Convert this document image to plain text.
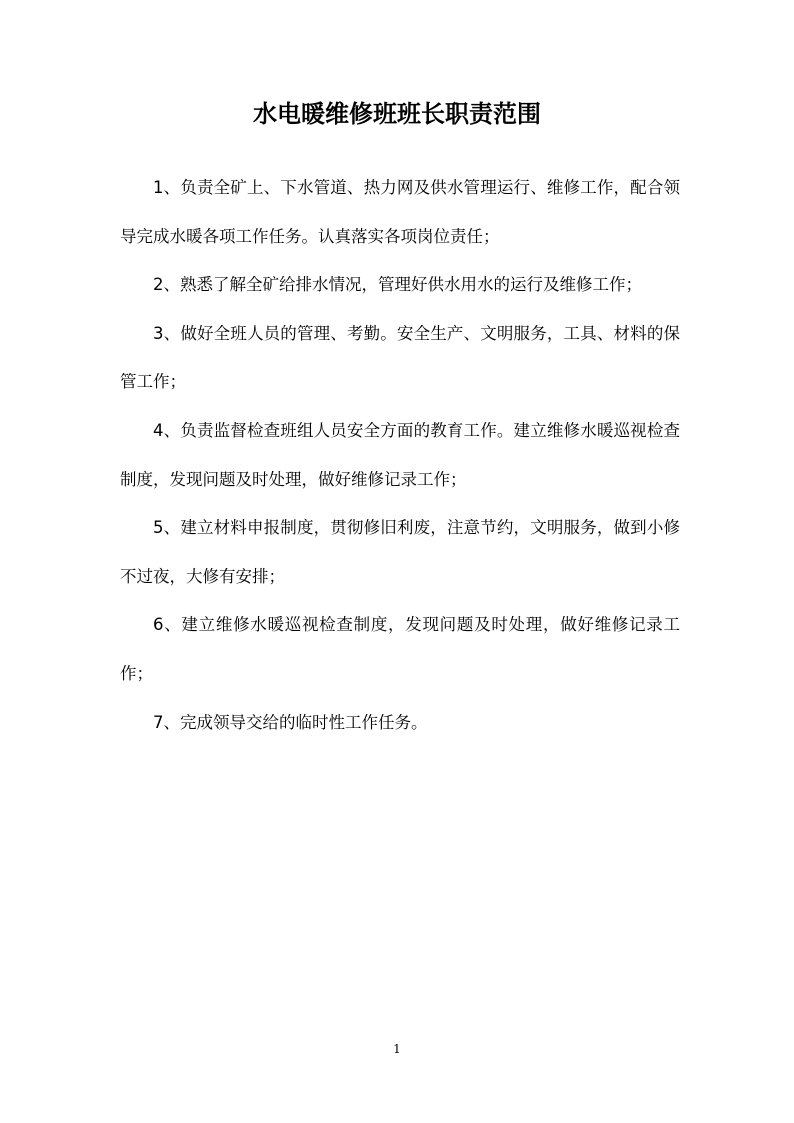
水电暖维修班班长职责范围

1、负责全矿上、下水管道、热力网及供水管理运行、维修工作，配合领导完成水暖各项工作任务。认真落实各项岗位责任；

2、熟悉了解全矿给排水情况，管理好供水用水的运行及维修工作；

3、做好全班人员的管理、考勤。安全生产、文明服务，工具、材料的保管工作；

4、负责监督检查班组人员安全方面的教育工作。建立维修水暖巡视检查制度，发现问题及时处理，做好维修记录工作；

5、建立材料申报制度，贯彻修旧利废，注意节约，文明服务，做到小修不过夜，大修有安排；

6、建立维修水暖巡视检查制度，发现问题及时处理，做好维修记录工作；

7、完成领导交给的临时性工作任务。

1
